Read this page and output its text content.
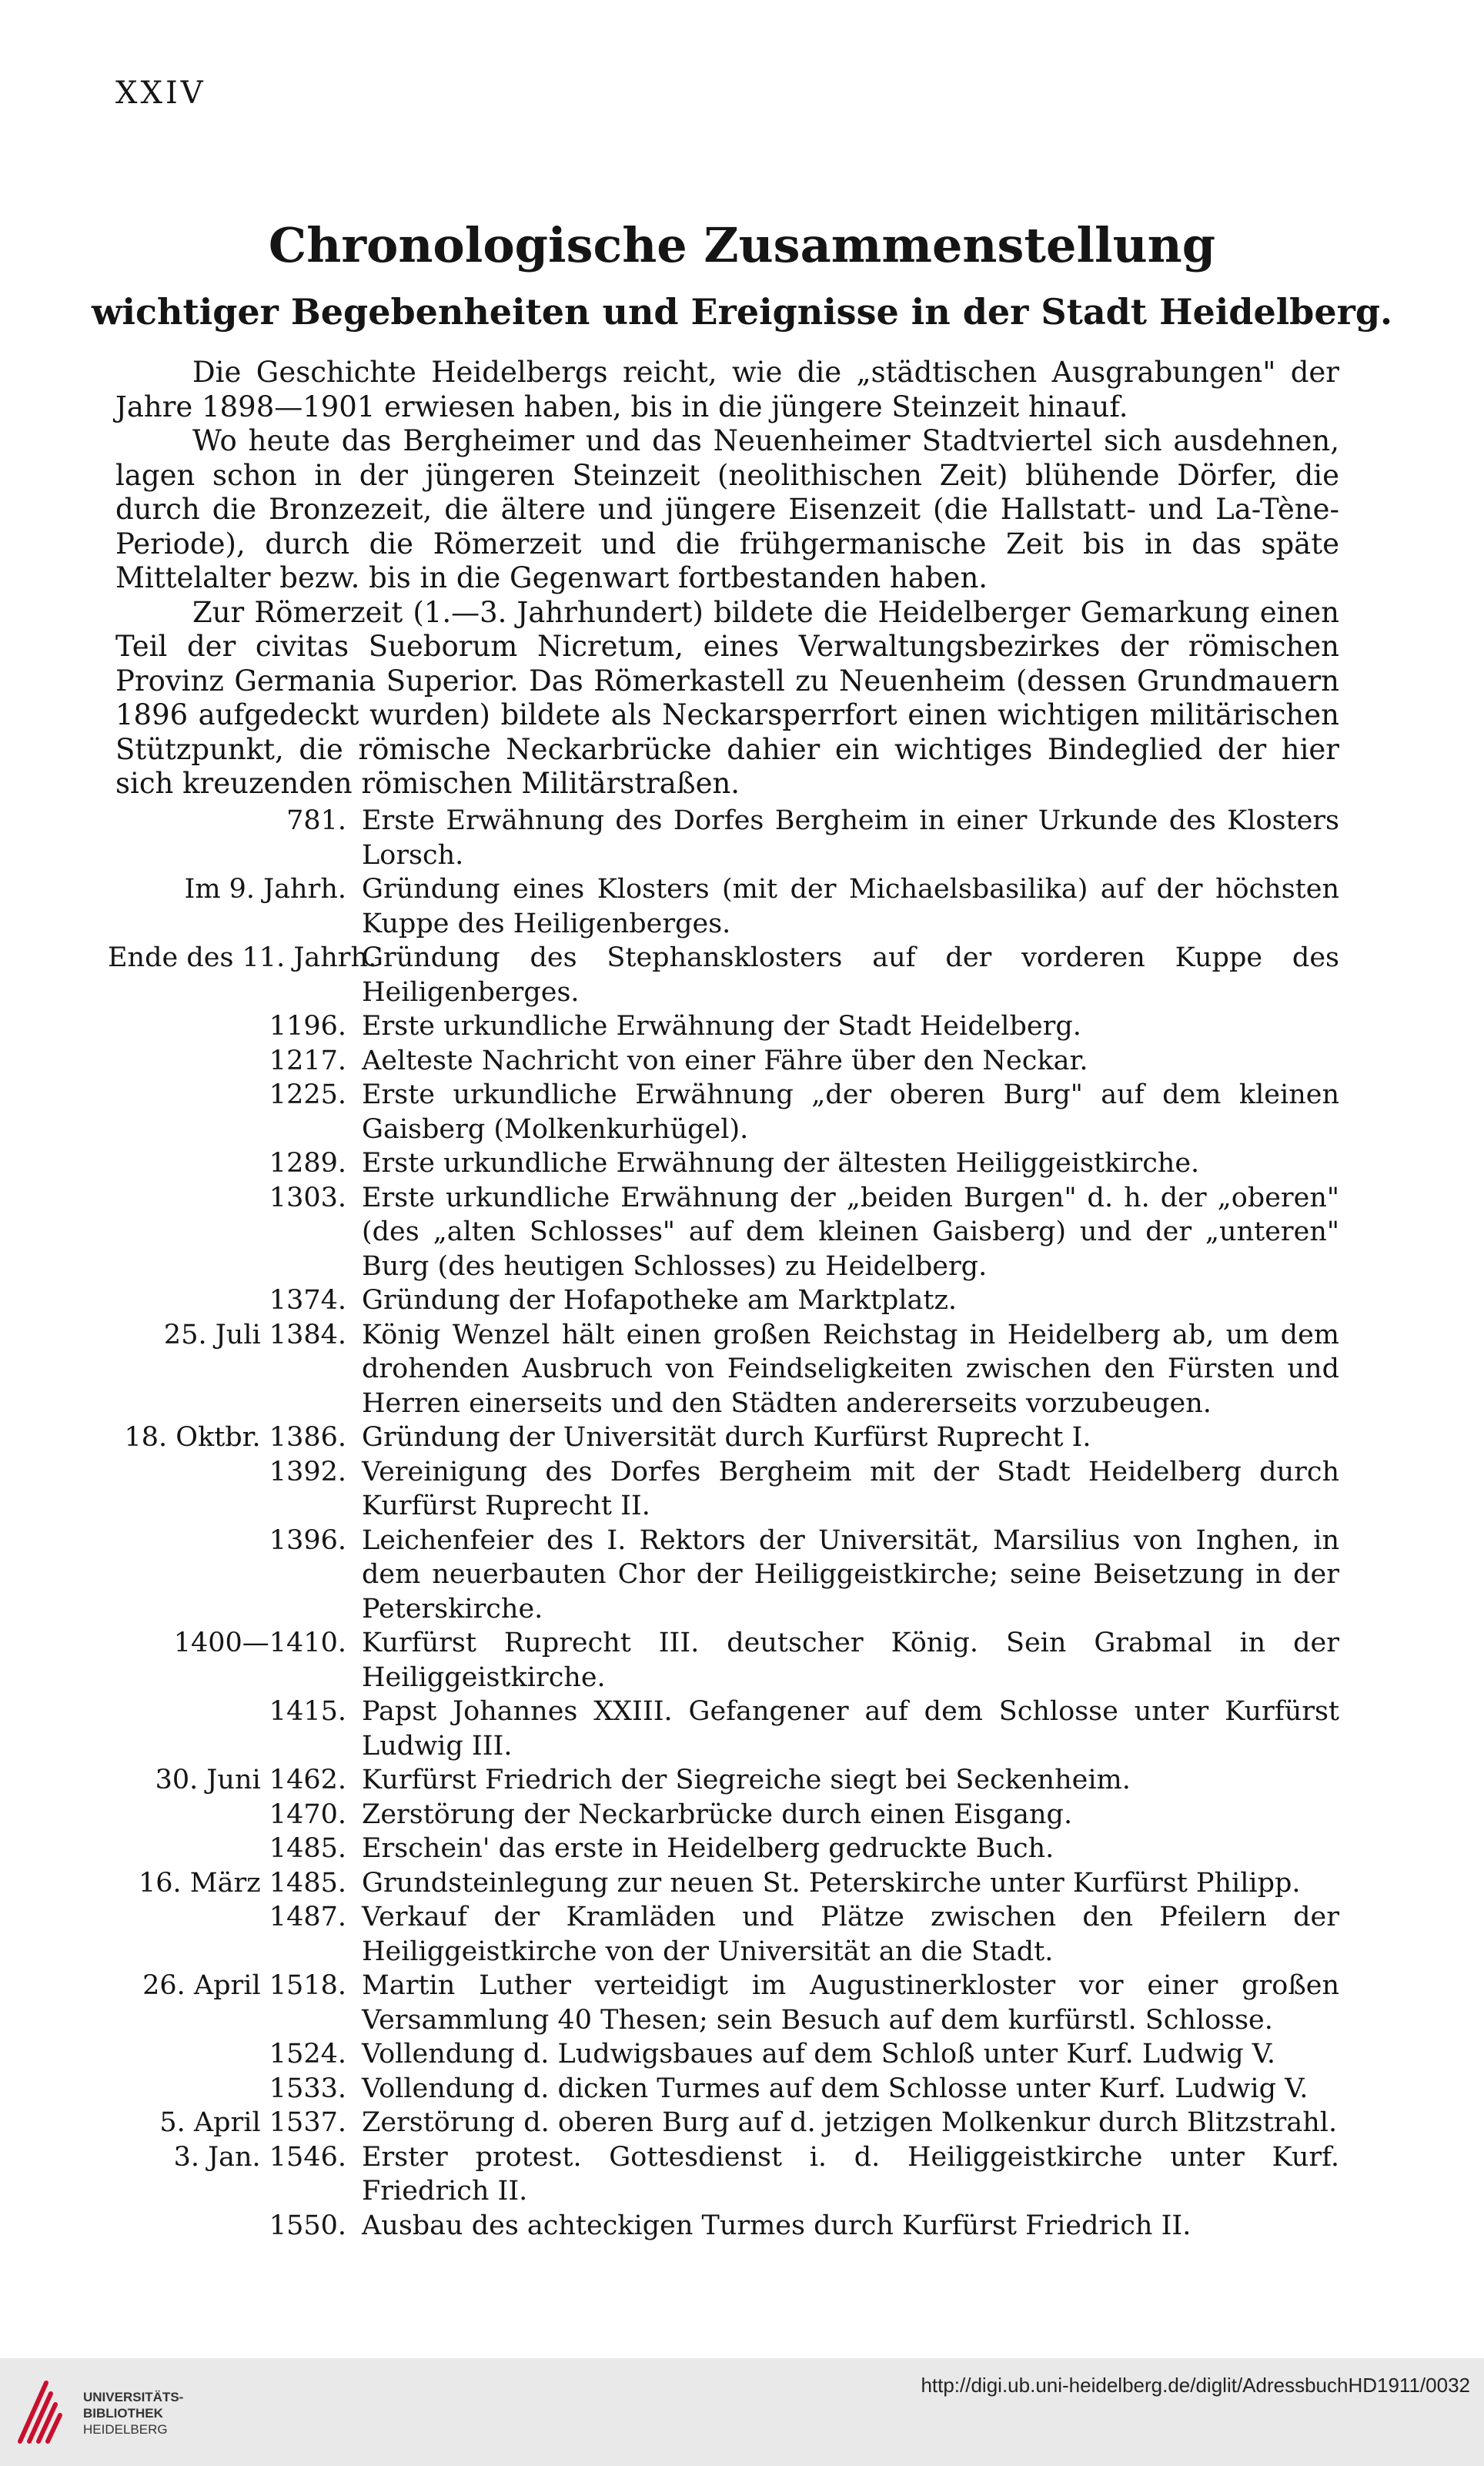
XXIV
Chronologische Zusammenstellung
wichtiger Begebenheiten und Ereignisse in der Stadt Heidelberg.

Die Geschichte Heidelbergs reicht, wie die „städtischen Ausgrabungen" der Jahre 1898—1901 erwiesen haben, bis in die jüngere Steinzeit hinauf.

Wo heute das Bergheimer und das Neuenheimer Stadtviertel sich ausdehnen, lagen schon in der jüngeren Steinzeit (neolithischen Zeit) blühende Dörfer, die durch die Bronzezeit, die ältere und jüngere Eisenzeit (die Hallstatt- und La-Tène-Periode), durch die Römerzeit und die frühgermanische Zeit bis in das späte Mittelalter bezw. bis in die Gegenwart fortbestanden haben.

Zur Römerzeit (1.—3. Jahrhundert) bildete die Heidelberger Gemarkung einen Teil der civitas Sueborum Nicretum, eines Verwaltungsbezirkes der römischen Provinz Germania Superior. Das Römerkastell zu Neuenheim (dessen Grundmauern 1896 aufgedeckt wurden) bildete als Neckarsperrfort einen wichtigen militärischen Stützpunkt, die römische Neckarbrücke dahier ein wichtiges Bindeglied der hier sich kreuzenden römischen Militärstraßen.

781. Erste Erwähnung des Dorfes Bergheim in einer Urkunde des Klosters Lorsch.
Im 9. Jahrh. Gründung eines Klosters (mit der Michaelsbasilika) auf der höchsten Kuppe des Heiligenberges.
Ende des 11. Jahrh.
Gründung des Stephansklosters auf der vorderen Kuppe des Heiligenberges.
1196. Erste urkundliche Erwähnung der Stadt Heidelberg.
1217. Aelteste Nachricht von einer Fähre über den Neckar.
1225. Erste urkundliche Erwähnung „der oberen Burg" auf dem kleinen Gaisberg (Molkenkurhügel).
1289. Erste urkundliche Erwähnung der ältesten Heiliggeistkirche.
1303. Erste urkundliche Erwähnung der „beiden Burgen" d. h. der „oberen" (des „alten Schlosses" auf dem kleinen Gaisberg) und der „unteren" Burg (des heutigen Schlosses) zu Heidelberg.
1374. Gründung der Hofapotheke am Marktplatz.
25. Juli 1384. König Wenzel hält einen großen Reichstag in Heidelberg ab, um dem drohenden Ausbruch von Feindseligkeiten zwischen den Fürsten und Herren einerseits und den Städten andererseits vorzubeugen.
18. Oktbr. 1386. Gründung der Universität durch Kurfürst Ruprecht I.
1392. Vereinigung des Dorfes Bergheim mit der Stadt Heidelberg durch Kurfürst Ruprecht II.
1396. Leichenfeier des I. Rektors der Universität, Marsilius von Inghen, in dem neuerbauten Chor der Heiliggeistkirche; seine Beisetzung in der Peterskirche.
1400—1410. Kurfürst Ruprecht III. deutscher König. Sein Grabmal in der Heiliggeistkirche.
1415. Papst Johannes XXIII. Gefangener auf dem Schlosse unter Kurfürst Ludwig III.
30. Juni 1462. Kurfürst Friedrich der Siegreiche siegt bei Seckenheim.
1470. Zerstörung der Neckarbrücke durch einen Eisgang.
1485. Erschein' das erste in Heidelberg gedruckte Buch.
16. März 1485. Grundsteinlegung zur neuen St. Peterskirche unter Kurfürst Philipp.
1487. Verkauf der Kramläden und Plätze zwischen den Pfeilern der Heiliggeistkirche von der Universität an die Stadt.
26. April 1518. Martin Luther verteidigt im Augustinerkloster vor einer großen Versammlung 40 Thesen; sein Besuch auf dem kurfürstl. Schlosse.
1524. Vollendung d. Ludwigsbaues auf dem Schloß unter Kurf. Ludwig V.
1533. Vollendung d. dicken Turmes auf dem Schlosse unter Kurf. Ludwig V.
5. April 1537. Zerstörung d. oberen Burg auf d. jetzigen Molkenkur durch Blitzstrahl.
3. Jan. 1546. Erster protest. Gottesdienst i. d. Heiliggeistkirche unter Kurf. Friedrich II.
1550. Ausbau des achteckigen Turmes durch Kurfürst Friedrich II.
UNIVERSITÄTS-
BIBLIOTHEK
HEIDELBERG
http://digi.ub.uni-heidelberg.de/diglit/AdressbuchHD1911/0032
